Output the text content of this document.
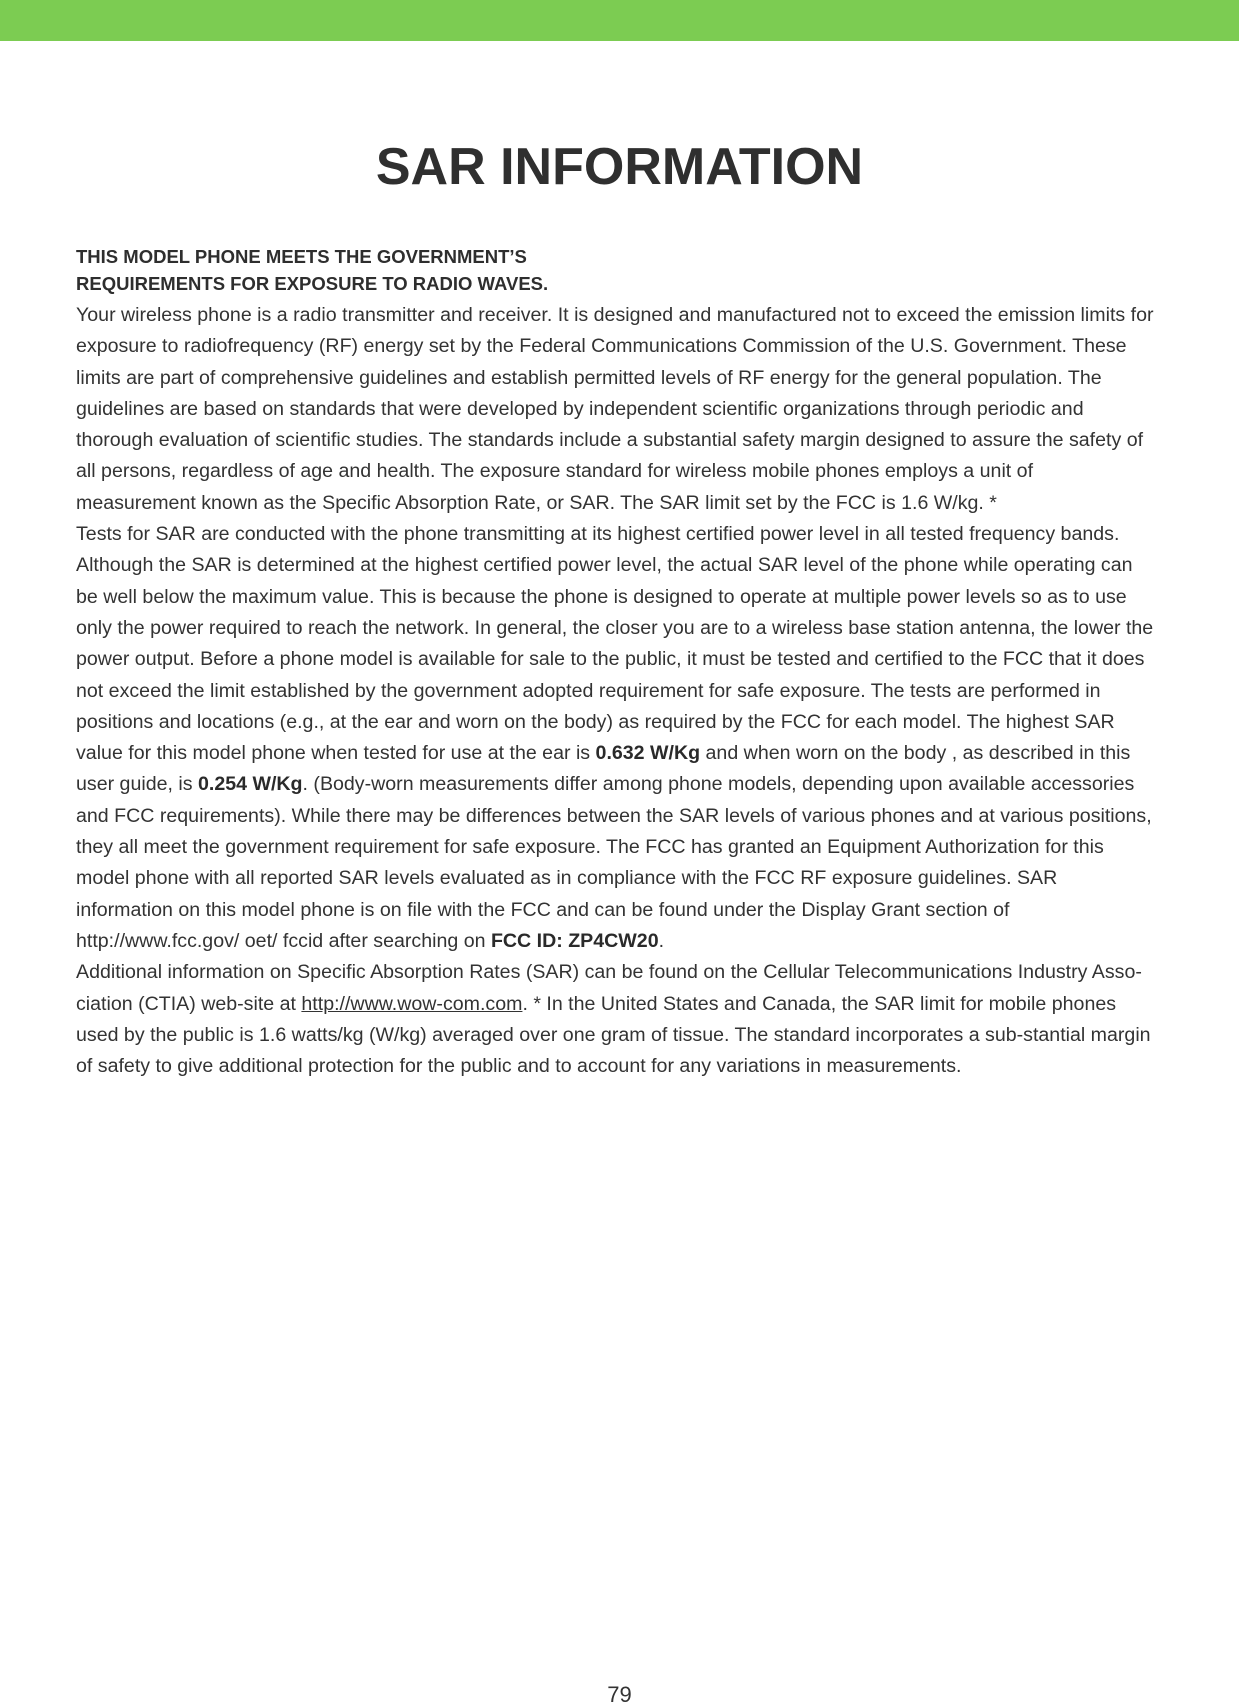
SAR INFORMATION
THIS MODEL PHONE MEETS THE GOVERNMENT’S
REQUIREMENTS FOR EXPOSURE TO RADIO WAVES.

Your wireless phone is a radio transmitter and receiver. It is designed and manufactured not to exceed the emission limits for exposure to radiofrequency (RF) energy set by the Federal Communications Commission of the U.S. Government. These limits are part of comprehensive guidelines and establish permitted levels of RF energy for the general population. The guidelines are based on standards that were developed by independent scientific organizations through periodic and thorough evaluation of scientific studies. The standards include a substantial safety margin designed to assure the safety of all persons, regardless of age and health. The exposure standard for wireless mobile phones employs a unit of measurement known as the Specific Absorption Rate, or SAR. The SAR limit set by the FCC is 1.6 W/kg. *

Tests for SAR are conducted with the phone transmitting at its highest certified power level in all tested frequency bands. Although the SAR is determined at the highest certified power level, the actual SAR level of the phone while operating can be well below the maximum value. This is because the phone is designed to operate at multiple power levels so as to use only the power required to reach the network. In general, the closer you are to a wireless base station antenna, the lower the power output. Before a phone model is available for sale to the public, it must be tested and certified to the FCC that it does not exceed the limit established by the government adopted requirement for safe exposure. The tests are performed in positions and locations (e.g., at the ear and worn on the body) as required by the FCC for each model. The highest SAR value for this model phone when tested for use at the ear is 0.632 W/Kg and when worn on the body , as described in this user guide, is 0.254 W/Kg. (Body-worn measurements differ among phone models, depending upon available accessories and FCC requirements). While there may be differences between the SAR levels of various phones and at various positions, they all meet the government requirement for safe exposure. The FCC has granted an Equipment Authorization for this model phone with all reported SAR levels evaluated as in compliance with the FCC RF exposure guidelines. SAR information on this model phone is on file with the FCC and can be found under the Display Grant section of http://www.fcc.gov/ oet/ fccid after searching on FCC ID: ZP4CW20.

Additional information on Specific Absorption Rates (SAR) can be found on the Cellular Telecommunications Industry Asso-ciation (CTIA) web-site at http://www.wow-com.com. * In the United States and Canada, the SAR limit for mobile phones used by the public is 1.6 watts/kg (W/kg) averaged over one gram of tissue. The standard incorporates a sub-stantial margin of safety to give additional protection for the public and to account for any variations in measurements.

79
